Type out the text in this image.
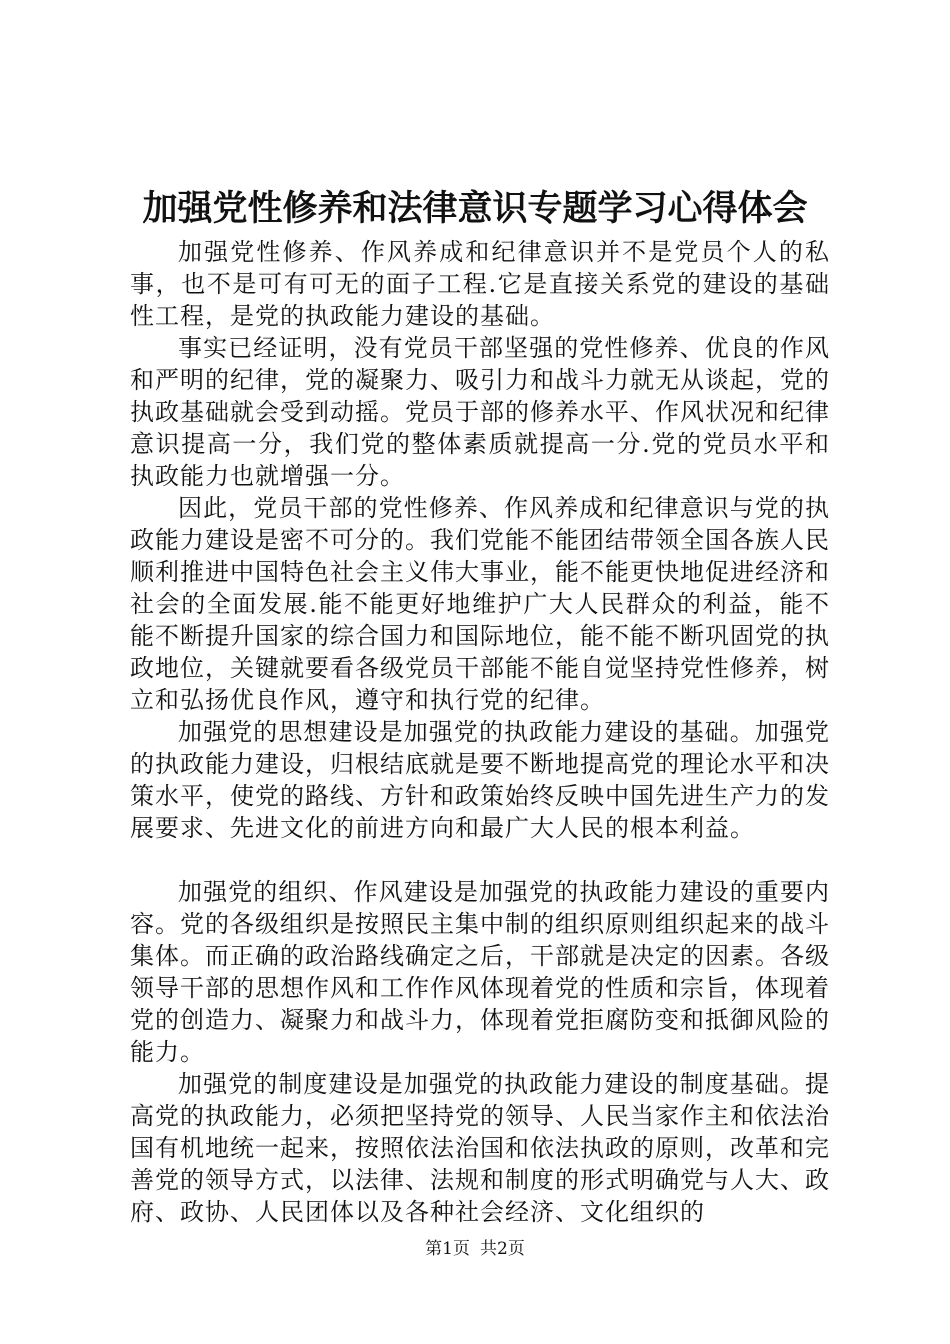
加强党性修养和法律意识专题学习心得体会

加强党性修养、作风养成和纪律意识并不是党员个人的私事，也不是可有可无的面子工程.它是直接关系党的建设的基础性工程，是党的执政能力建设的基础。

事实已经证明，没有党员干部坚强的党性修养、优良的作风和严明的纪律，党的凝聚力、吸引力和战斗力就无从谈起，党的执政基础就会受到动摇。党员于部的修养水平、作风状况和纪律意识提高一分，我们党的整体素质就提高一分.党的党员水平和执政能力也就增强一分。

因此，党员干部的党性修养、作风养成和纪律意识与党的执政能力建设是密不可分的。我们党能不能团结带领全国各族人民顺利推进中国特色社会主义伟大事业，能不能更快地促进经济和社会的全面发展.能不能更好地维护广大人民群众的利益，能不能不断提升国家的综合国力和国际地位，能不能不断巩固党的执政地位，关键就要看各级党员干部能不能自觉坚持党性修养，树立和弘扬优良作风，遵守和执行党的纪律。

加强党的思想建设是加强党的执政能力建设的基础。加强党的执政能力建设，归根结底就是要不断地提高党的理论水平和决策水平，使党的路线、方针和政策始终反映中国先进生产力的发展要求、先进文化的前进方向和最广大人民的根本利益。

加强党的组织、作风建设是加强党的执政能力建设的重要内容。党的各级组织是按照民主集中制的组织原则组织起来的战斗集体。而正确的政治路线确定之后，干部就是决定的因素。各级领导干部的思想作风和工作作风体现着党的性质和宗旨，体现着党的创造力、凝聚力和战斗力，体现着党拒腐防变和抵御风险的能力。

加强党的制度建设是加强党的执政能力建设的制度基础。提高党的执政能力，必须把坚持党的领导、人民当家作主和依法治国有机地统一起来，按照依法治国和依法执政的原则，改革和完善党的领导方式，以法律、法规和制度的形式明确党与人大、政府、政协、人民团体以及各种社会经济、文化组织的

第1页 共2页
